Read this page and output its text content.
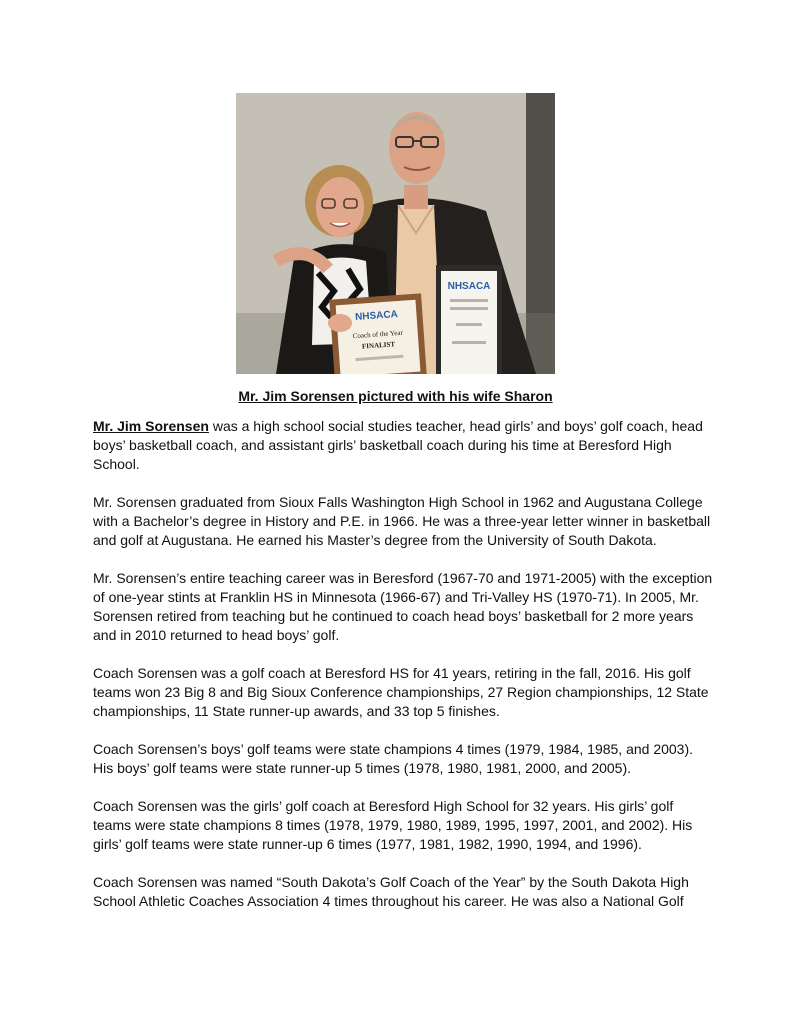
NHSACA
Coach of the Year
FINALIST
NHSACA
Mr. Jim Sorensen pictured with his wife Sharon

Mr. Jim Sorensen was a high school social studies teacher, head girls’ and boys’ golf coach, head boys’ basketball coach, and assistant girls’ basketball coach during his time at Beresford High School.

Mr. Sorensen graduated from Sioux Falls Washington High School in 1962 and Augustana College with a Bachelor’s degree in History and P.E. in 1966. He was a three-year letter winner in basketball and golf at Augustana. He earned his Master’s degree from the University of South Dakota.

Mr. Sorensen’s entire teaching career was in Beresford (1967-70 and 1971-2005) with the exception of one-year stints at Franklin HS in Minnesota (1966-67) and Tri-Valley HS (1970-71). In 2005, Mr. Sorensen retired from teaching but he continued to coach head boys’ basketball for 2 more years and in 2010 returned to head boys’ golf.

Coach Sorensen was a golf coach at Beresford HS for 41 years, retiring in the fall, 2016. His golf teams won 23 Big 8 and Big Sioux Conference championships, 27 Region championships, 12 State championships, 11 State runner-up awards, and 33 top 5 finishes.

Coach Sorensen’s boys’ golf teams were state champions 4 times (1979, 1984, 1985, and 2003). His boys’ golf teams were state runner-up 5 times (1978, 1980, 1981, 2000, and 2005).

Coach Sorensen was the girls’ golf coach at Beresford High School for 32 years. His girls’ golf teams were state champions 8 times (1978, 1979, 1980, 1989, 1995, 1997, 2001, and 2002). His girls’ golf teams were state runner-up 6 times (1977, 1981, 1982, 1990, 1994, and 1996).

Coach Sorensen was named “South Dakota’s Golf Coach of the Year” by the South Dakota High School Athletic Coaches Association 4 times throughout his career. He was also a National Golf
